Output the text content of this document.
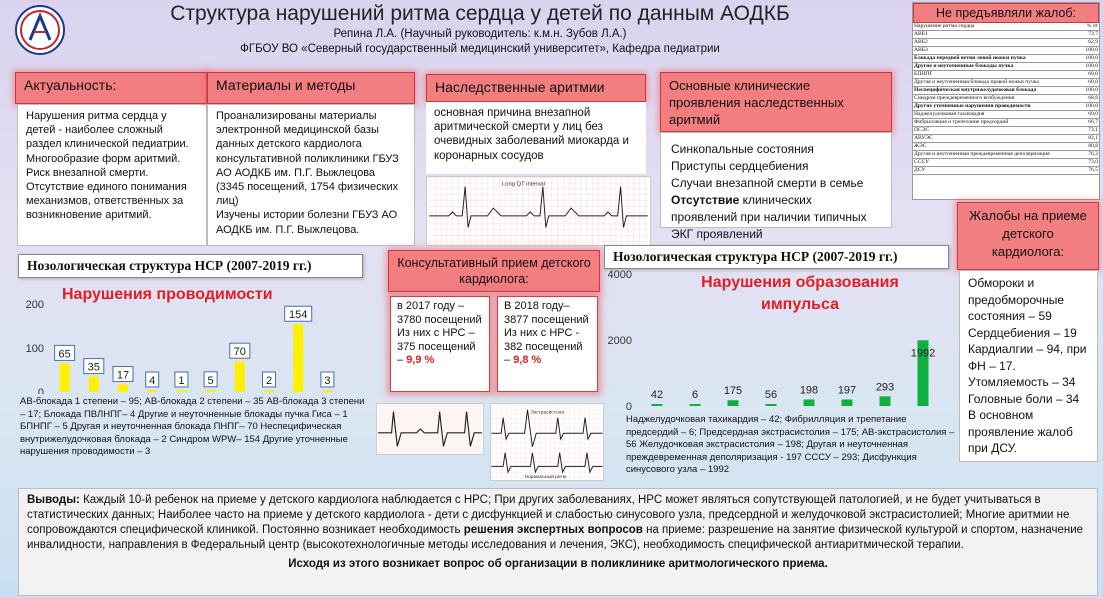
Структура нарушений ритма сердца у детей по данным АОДКБ
Репина Л.А. (Научный руководитель: к.м.н. Зубов Л.А.)
ФГБОУ ВО «Северный государственный медицинский университет», Кафедра педиатрии
Актуальность:
Нарушения ритма сердца у детей - наиболее сложный раздел клинической педиатрии. Многообразие форм аритмий. Риск внезапной смерти. Отсутствие единого понимания механизмов, ответственных за возникновение аритмий.
Материалы и методы
Проанализированы материалы электронной медицинской базы данных детского кардиолога консультативной поликлиники ГБУЗ АО АОДКБ им. П.Г. Выжлецова (3345 посещений, 1754 физических лиц)
Изучены истории болезни ГБУЗ АО АОДКБ им. П.Г. Выжлецова.
Наследственные аритмии
основная причина внезапной аритмической смерти у лиц без очевидных заболеваний миокарда и коронарных сосудов
Long QT interval
Основные клинические проявления наследственных аритмий
Синкопальные состояния
Приступы сердцебиения
Случаи внезапной смерти в семье
Отсутствие клинических проявлений при наличии типичных ЭКГ проявлений
Не предъявляли жалоб:
Нарушение ритма сердца	% от
АВБ1	73,7
АВБ2	62,9
АВБ3	100,0
Блокада передней ветви левой ножки пучка	100,0
Другие и неуточненные блокады пучка	100,0
БПНПГ	60,0
Другая и неуточненная блокада правой ножки пучка	60,0
Неспецифическая внутрижелудочковая блокада	100,0
Синдром преждевременного возбуждения	68,8
Другие уточненные нарушения проводимости	100,0
Наджелудочковая тахикардия	69,0
Фибрилляция и трепетание предсердий	66,7
ПСЭС	73,1
АВУЭС	82,1
ЖЭС	80,8
Другая и неуточненная преждевременная деполяризация	76,2
СССУ	73,0
ДСУ	76,5
Жалобы на приеме детского кардиолога:
Обмороки и предобморочные состояния – 59 Сердцебиения – 19 Кардиалгии – 94, при ФН – 17. Утомляемость – 34 Головные боли – 34 В основном проявление жалоб при ДСУ.
Консультативный прием детского кардиолога:
в 2017 году – 3780 посещений Из них с НРС – 375 посещений – 9,9 %
В 2018 году– 3877 посещений Из них с НРС - 382 посещений – 9,8 %
Экстрасистола
Нормальный ритм
Нозологическая структура НСР (2007-2019 гг.)
Нарушения проводимости
0
100
200
65
35
17 4 1 5
70
2
154
3
АВ-блокада 1 степени – 95; АВ-блокада 2 степени – 35 АВ-блокада 3 степени – 17; Блокада ПВЛНПГ– 4 Другие и неуточненные блокады пучка Гиса – 1 БПНПГ – 5 Другая и неуточненная блокада ПНПГ– 70 Неспецифическая внутрижелудочковая блокада – 2 Синдром WPW– 154 Другие уточненные нарушения проводимости – 3
Нозологическая структура НСР (2007-2019 гг.)
Нарушения образования импульса
0
2000
4000
42	6 175 56 198 197 293
1992
Наджелудочковая тахикардия – 42; Фибрилляция и трепетание предсердий – 6; Предсердная экстрасистолия – 175; АВ-экстрасистолия – 56 Желудочковая экстрасистолия – 198; Другая и неуточненная преждевременная деполяризация - 197 СССУ – 293; Дисфункция синусового узла – 1992
Выводы: Каждый 10-й ребенок на приеме у детского кардиолога наблюдается с НРС; При других заболеваниях, НРС может являться сопутствующей патологией, и не будет учитываться в статистических данных; Наиболее часто на приеме у детского кардиолога - дети с дисфункцией и слабостью синусового узла, предсердной и желудочковой экстрасистолией; Многие аритмии не сопровождаются специфической клиникой. Постоянно возникает необходимость решения экспертных вопросов на приеме: разрешение на занятие физической культурой и спортом, назначение инвалидности, направления в Федеральный центр (высокотехнологичные методы исследования и лечения, ЭКС), необходимость специфической антиаритмической терапии.
Исходя из этого возникает вопрос об организации в поликлинике аритмологического приема.
